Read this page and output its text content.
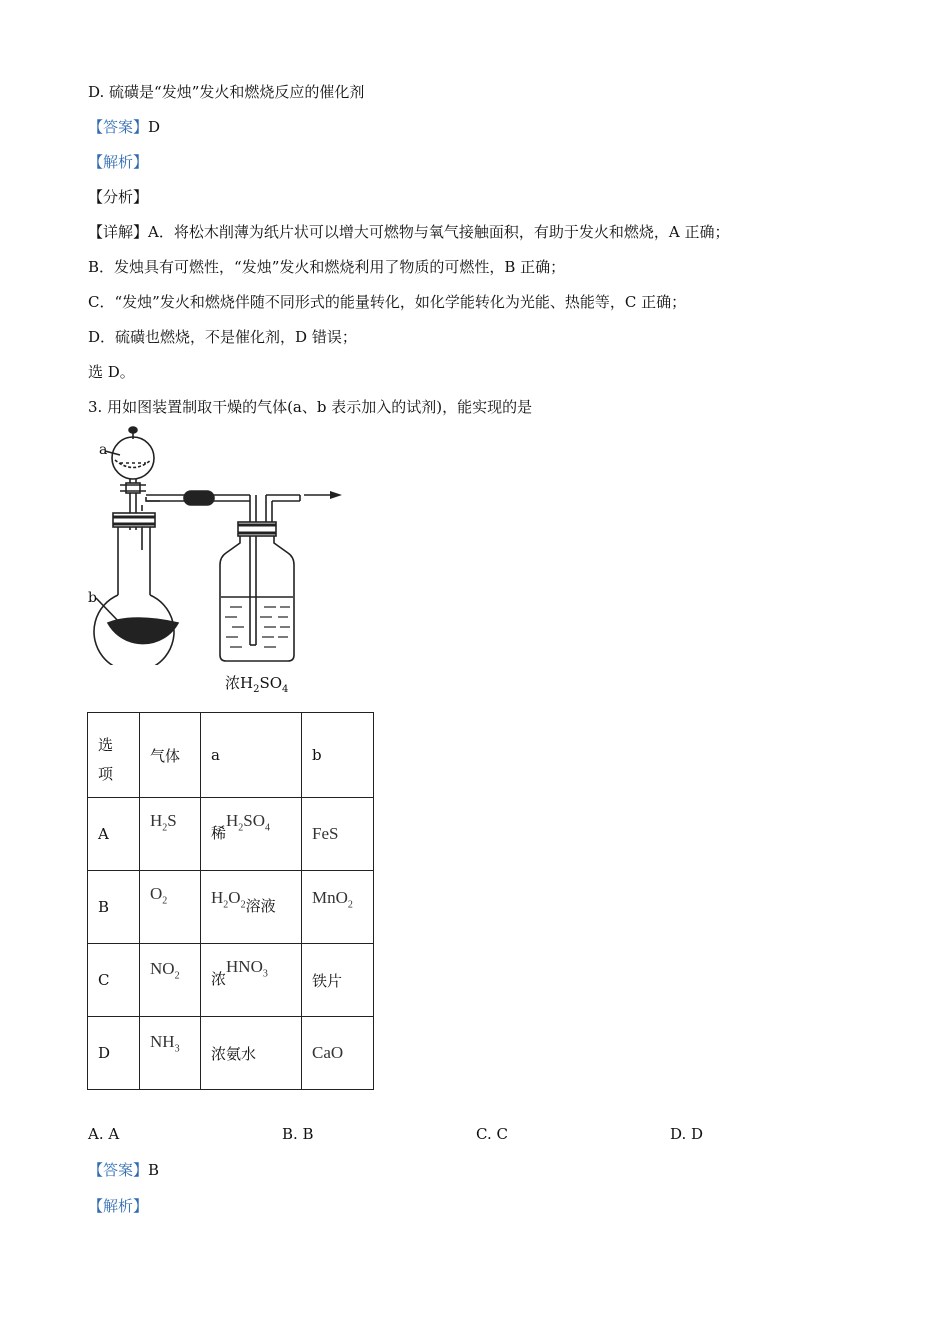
D. 硫磺是“发烛”发火和燃烧反应的催化剂
【答案】D
【解析】
【分析】
【详解】A．将松木削薄为纸片状可以增大可燃物与氧气接触面积，有助于发火和燃烧，A 正确；
B．发烛具有可燃性，“发烛”发火和燃烧利用了物质的可燃性，B 正确；
C．“发烛”发火和燃烧伴随不同形式的能量转化，如化学能转化为光能、热能等，C 正确；
D．硫磺也燃烧，不是催化剂，D 错误；
选 D。
3. 用如图装置制取干燥的气体(a、b 表示加入的试剂)，能实现的是
a
b
浓$H_2SO_4$
选
项	气体	a	b
A	$H_2S$	稀$H_2SO_4$	FeS
B	$O_2$	$H_2O_2$溶液	MnO$_2$
C	$NO_2$	浓$HNO_3$	铁片
D	$NH_3$	浓氨水	CaO
A. A	B. B	C. C	D. D
【答案】B
【解析】
